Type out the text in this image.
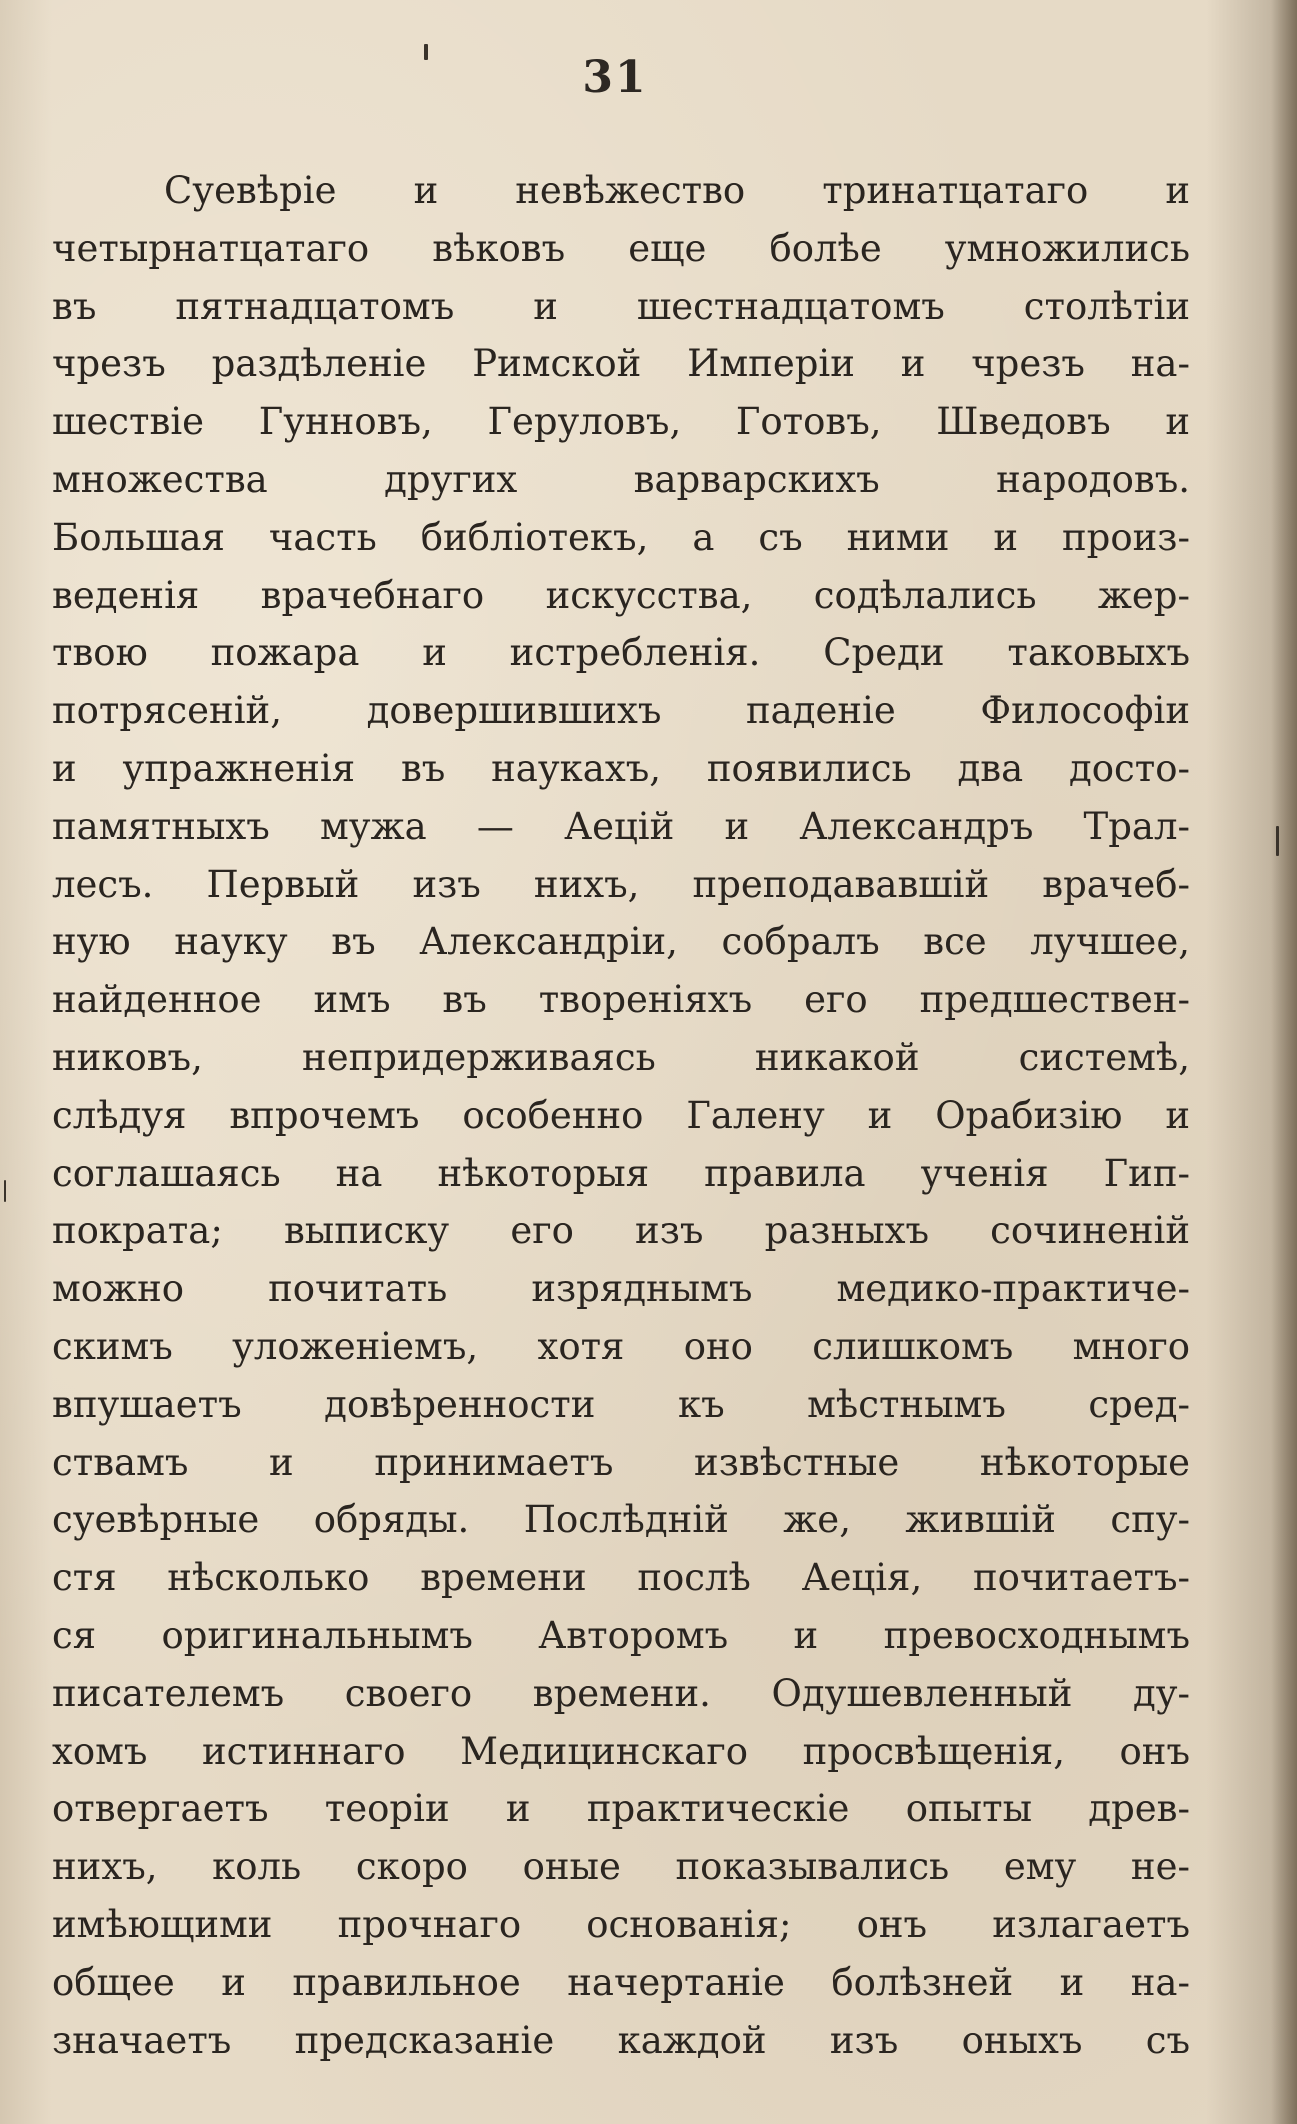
31
Суевѣріе и невѣжество тринатцатаго и
четырнатцатаго вѣковъ еще болѣе умножились
въ пятнадцатомъ и шестнадцатомъ столѣтіи
чрезъ раздѣленіе Римской Имперіи и чрезъ на-
шествіе Гунновъ, Геруловъ, Готовъ, Шведовъ и
множества других варварскихъ народовъ.
Большая часть библіотекъ, а съ ними и произ-
веденія врачебнаго искусства, содѣлались жер-
твою пожара и истребленія. Среди таковыхъ
потрясеній, довершившихъ паденіе Философіи
и упражненія въ наукахъ, появились два досто-
памятныхъ мужа — Аецій и Александръ Трал-
лесъ. Первый изъ нихъ, преподававшій врачеб-
ную науку въ Александріи, собралъ все лучшее,
найденное имъ въ твореніяхъ его предшествен-
никовъ, непридерживаясь никакой системѣ,
слѣдуя впрочемъ особенно Галену и Орабизію и
соглашаясь на нѣкоторыя правила ученія Гип-
пократа; выписку его изъ разныхъ сочиненій
можно почитать изряднымъ медико-практиче-
скимъ уложеніемъ, хотя оно слишкомъ много
впушаетъ довѣренности къ мѣстнымъ сред-
ствамъ и принимаетъ извѣстные нѣкоторые
суевѣрные обряды. Послѣдній же, жившій спу-
стя нѣсколько времени послѣ Аеція, почитаетъ-
ся оригинальнымъ Авторомъ и превосходнымъ
писателемъ своего времени. Одушевленный ду-
хомъ истиннаго Медицинскаго просвѣщенія, онъ
отвергаетъ теоріи и практическіе опыты древ-
нихъ, коль скоро оные показывались ему не-
имѣющими прочнаго основанія; онъ излагаетъ
общее и правильное начертаніе болѣзней и на-
значаетъ предсказаніе каждой изъ оныхъ съ
